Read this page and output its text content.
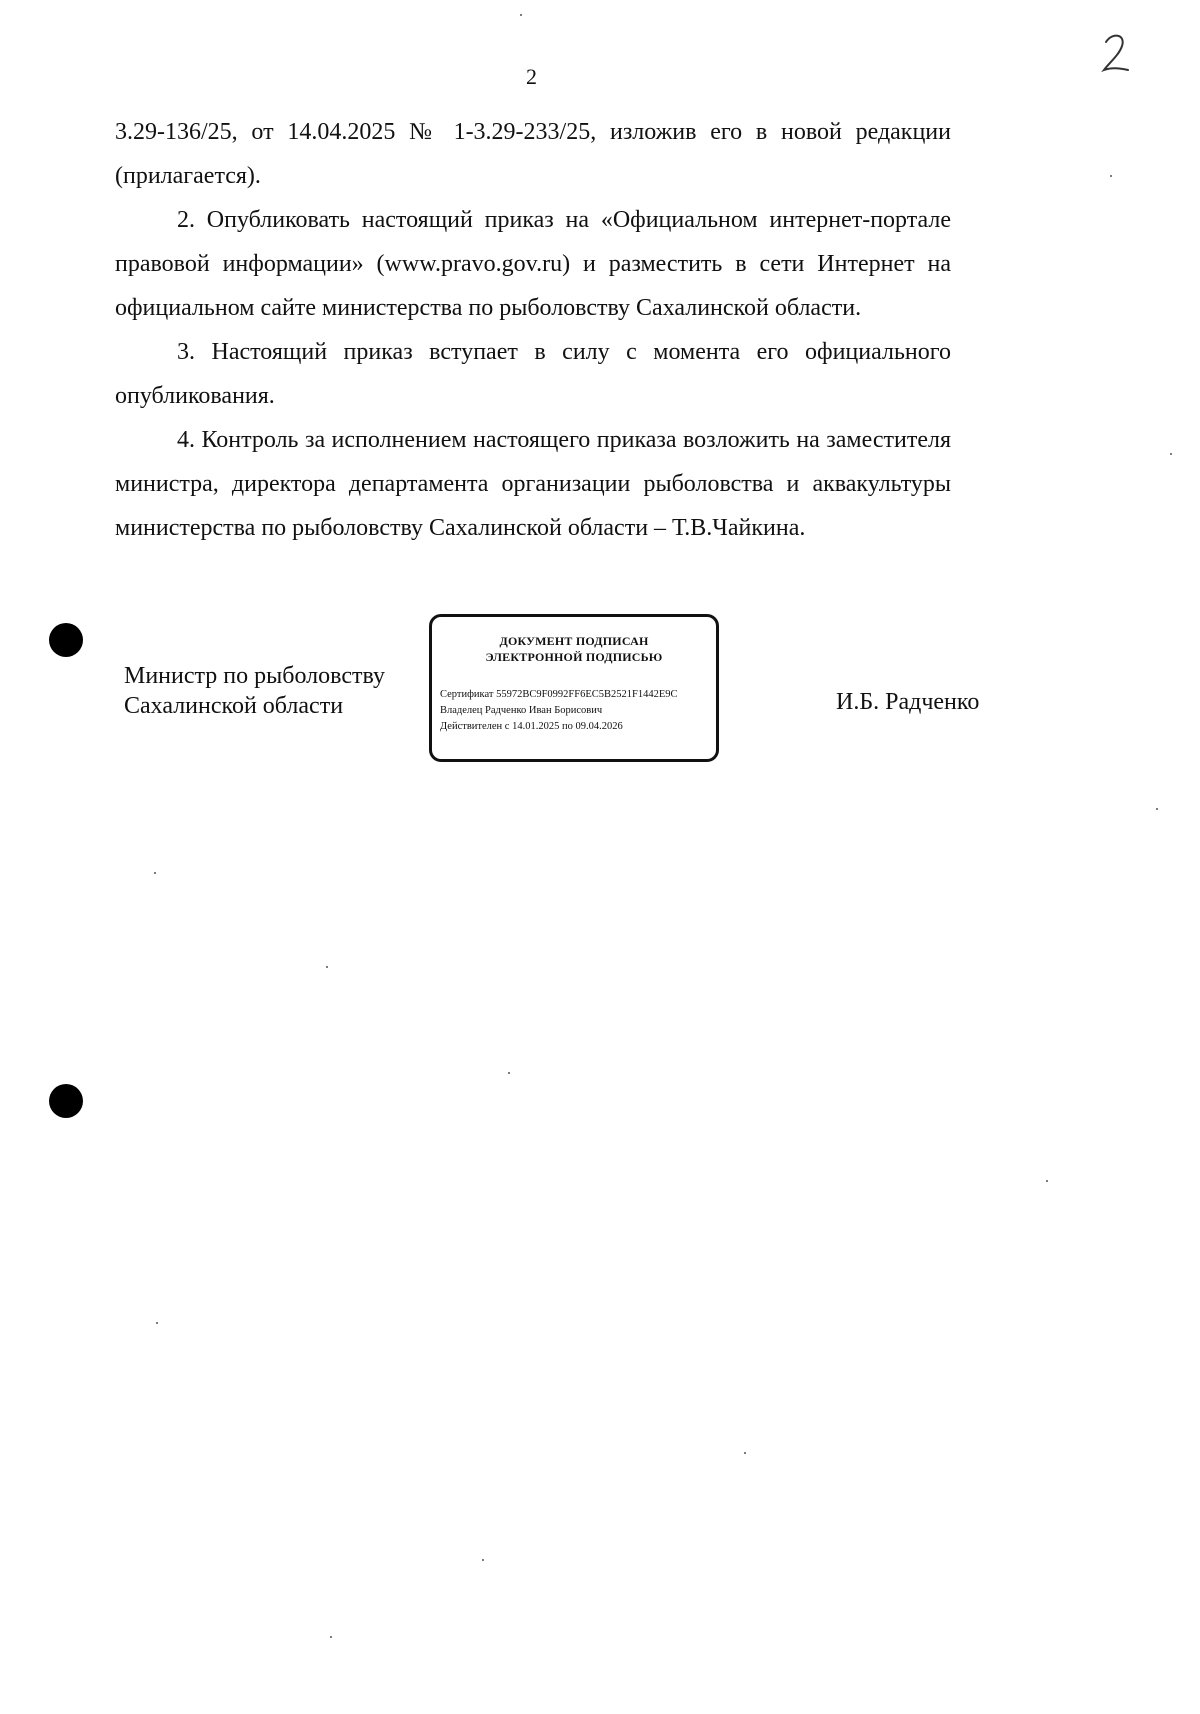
2

3.29-136/25, от 14.04.2025 № 1-3.29-233/25, изложив его в новой редакции (прилагается).

2. Опубликовать настоящий приказ на «Официальном интернет-портале правовой информации» (www.pravo.gov.ru) и разместить в сети Интернет на официальном сайте министерства по рыболовству Сахалинской области.

3. Настоящий приказ вступает в силу с момента его официального опубликования.

4. Контроль за исполнением настоящего приказа возложить на заместителя министра, директора департамента организации рыболовства и аквакультуры министерства по рыболовству Сахалинской области – Т.В.Чайкина.

Министр по рыболовству
Сахалинской области
ДОКУМЕНТ ПОДПИСАН
ЭЛЕКТРОННОЙ ПОДПИСЬЮ
Сертификат 55972BC9F0992FF6EC5B2521F1442E9C
Владелец Радченко Иван Борисович
Действителен с 14.01.2025 по 09.04.2026
И.Б. Радченко
